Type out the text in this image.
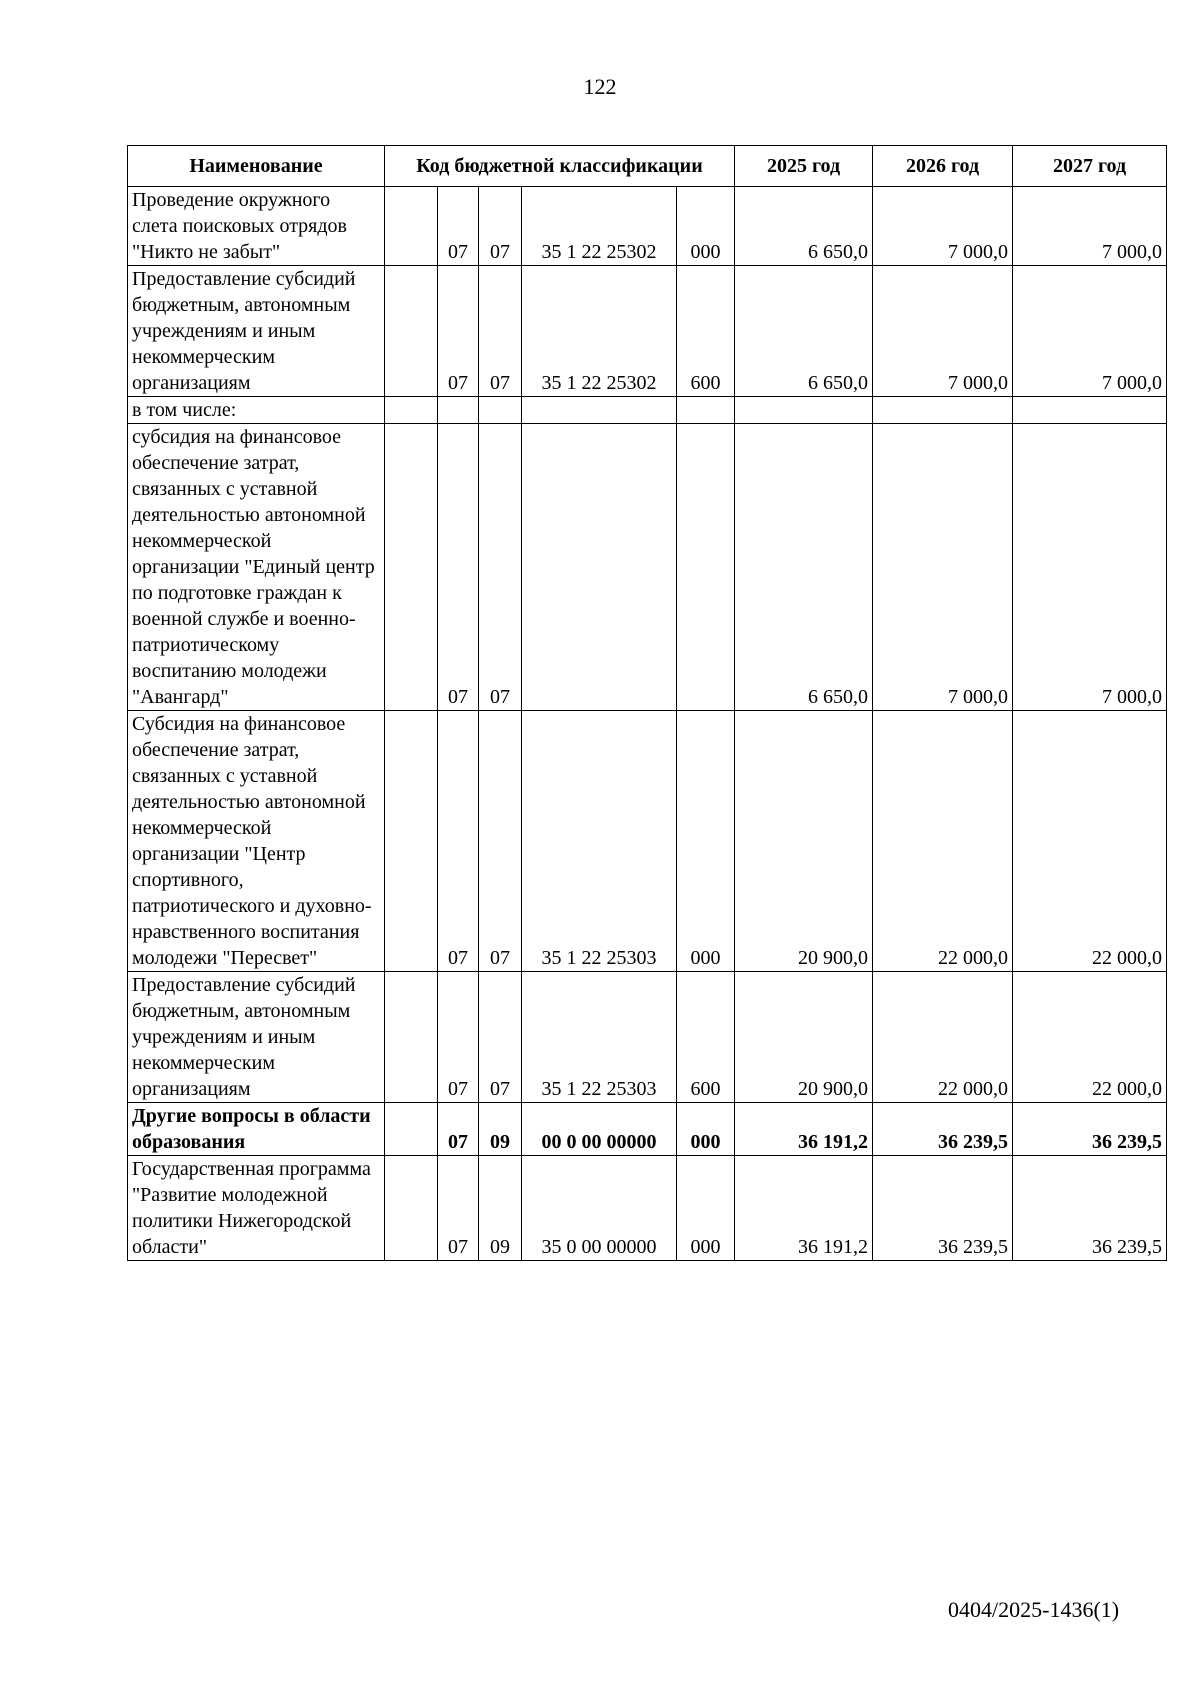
122
Наименование	Код бюджетной классификации					2025 год	2026 год	2027 год
Проведение окружного слета поисковых отрядов "Никто не забыт"		07	07	35 1 22 25302	000	6 650,0	7 000,0	7 000,0
Предоставление субсидий бюджетным, автономным учреждениям и иным некоммерческим организациям		07	07	35 1 22 25302	600	6 650,0	7 000,0	7 000,0
в том числе:								
субсидия на финансовое обеспечение затрат, связанных с уставной деятельностью автономной некоммерческой организации "Единый центр по подготовке граждан к военной службе и военно-патриотическому воспитанию молодежи "Авангард"		07	07			6 650,0	7 000,0	7 000,0
Субсидия на финансовое обеспечение затрат, связанных с уставной деятельностью автономной некоммерческой организации "Центр спортивного, патриотического и духовно-нравственного воспитания молодежи "Пересвет"		07	07	35 1 22 25303	000	20 900,0	22 000,0	22 000,0
Предоставление субсидий бюджетным, автономным учреждениям и иным некоммерческим организациям		07	07	35 1 22 25303	600	20 900,0	22 000,0	22 000,0
Другие вопросы в области образования		07	09	00 0 00 00000	000	36 191,2	36 239,5	36 239,5
Государственная программа "Развитие молодежной политики Нижегородской области"		07	09	35 0 00 00000	000	36 191,2	36 239,5	36 239,5
0404/2025-1436(1)
